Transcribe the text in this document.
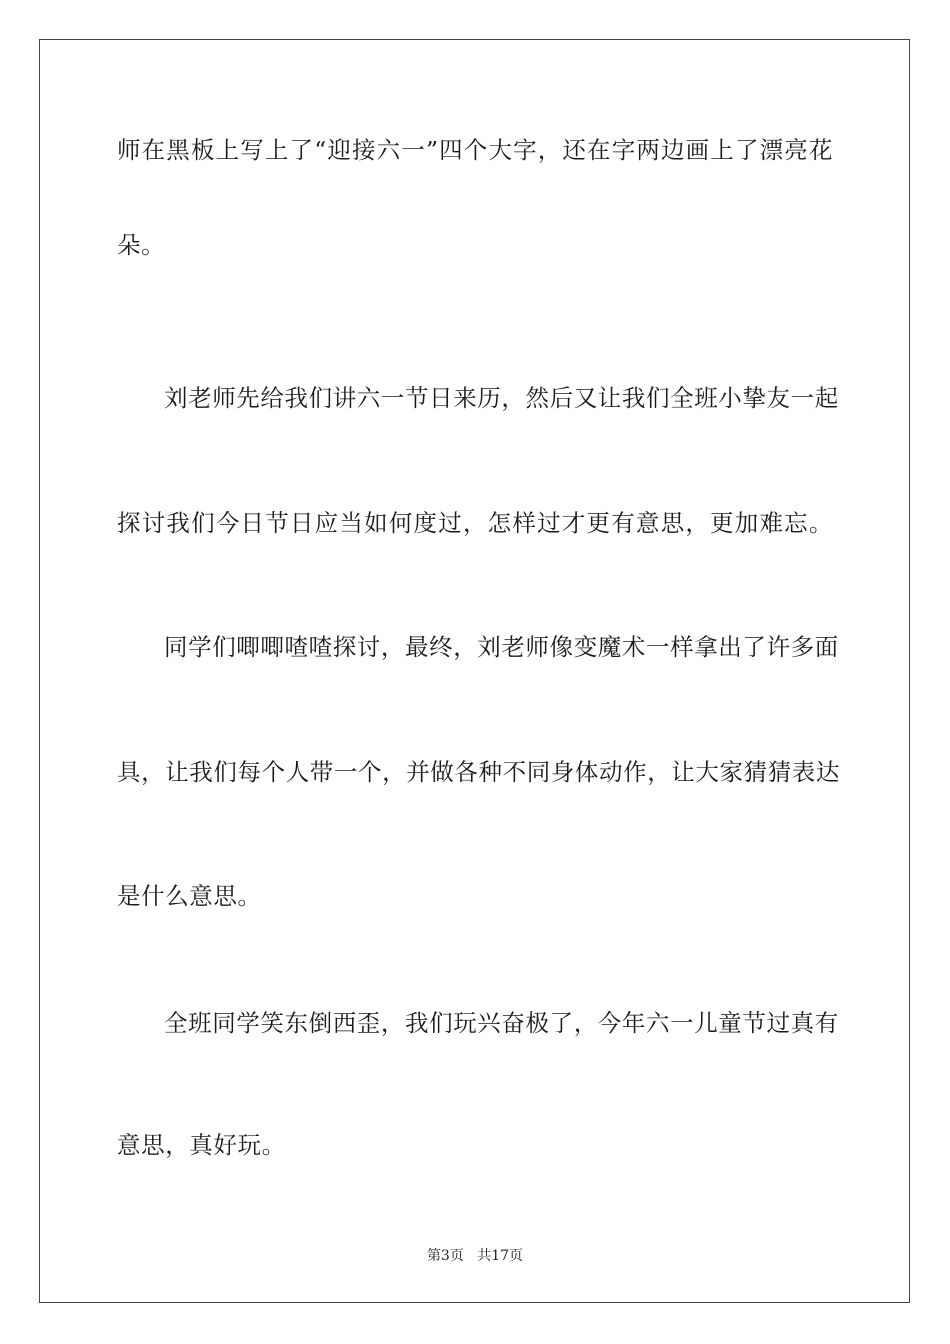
师在黑板上写上了“迎接六一”四个大字，还在字两边画上了漂亮花
朵。
刘老师先给我们讲六一节日来历，然后又让我们全班小挚友一起
探讨我们今日节日应当如何度过，怎样过才更有意思，更加难忘。
同学们唧唧喳喳探讨，最终，刘老师像变魔术一样拿出了许多面
具，让我们每个人带一个，并做各种不同身体动作，让大家猜猜表达
是什么意思。
全班同学笑东倒西歪，我们玩兴奋极了，今年六一儿童节过真有
意思，真好玩。
第3页 共17页
